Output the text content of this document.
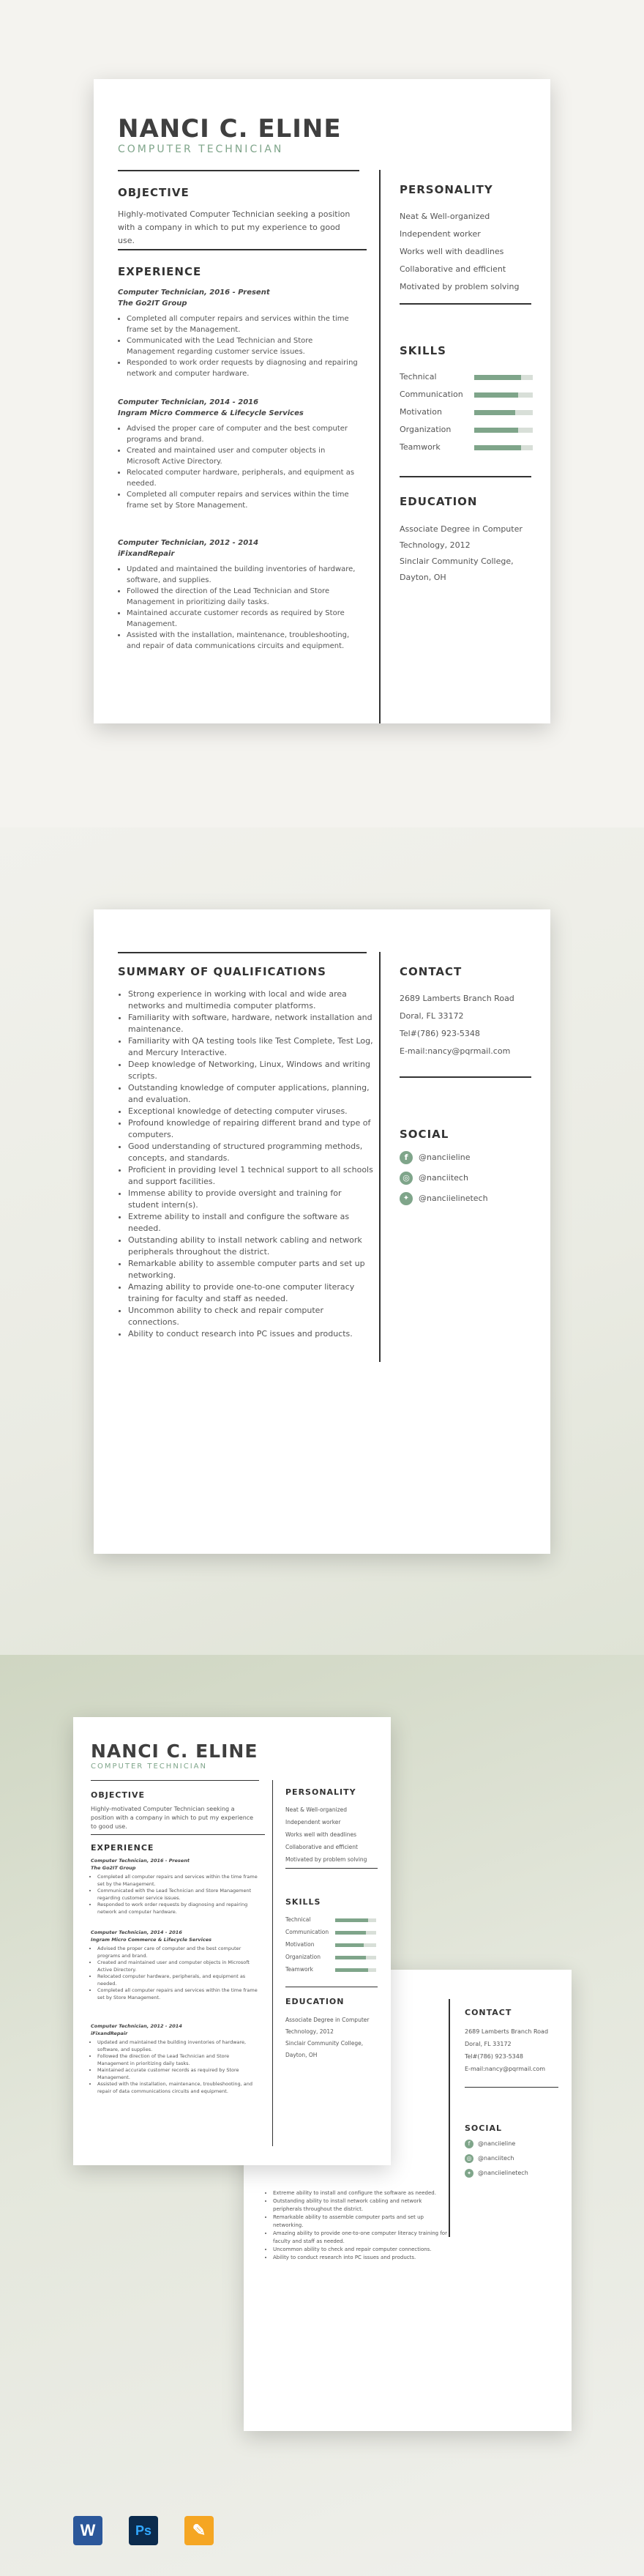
NANCI C. ELINE
COMPUTER TECHNICIAN
OBJECTIVE
Highly-motivated Computer Technician seeking a position with a company in which to put my experience to good use.
EXPERIENCE
Computer Technician, 2016 - Present
The Go2IT Group
• Completed all computer repairs and services within the time frame set by the Management.
• Communicated with the Lead Technician and Store Management regarding customer service issues.
• Responded to work order requests by diagnosing and repairing network and computer hardware.
Computer Technician, 2014 - 2016
Ingram Micro Commerce & Lifecycle Services
• Advised the proper care of computer and the best computer programs and brand.
• Created and maintained user and computer objects in Microsoft Active Directory.
• Relocated computer hardware, peripherals, and equipment as needed.
• Completed all computer repairs and services within the time frame set by Store Management.
Computer Technician, 2012 - 2014
iFixandRepair
• Updated and maintained the building inventories of hardware, software, and supplies.
• Followed the direction of the Lead Technician and Store Management in prioritizing daily tasks.
• Maintained accurate customer records as required by Store Management.
• Assisted with the installation, maintenance, troubleshooting, and repair of data communications circuits and equipment.
PERSONALITY
Neat & Well-organized
Independent worker
Works well with deadlines
Collaborative and efficient
Motivated by problem solving
SKILLS
Technical
Communication
Motivation
Organization
Teamwork
EDUCATION
Associate Degree in Computer
Technology, 2012
Sinclair Community College,
Dayton, OH
SUMMARY OF QUALIFICATIONS
• Strong experience in working with local and wide area networks and multimedia computer platforms.
• Familiarity with software, hardware, network installation and maintenance.
• Familiarity with QA testing tools like Test Complete, Test Log, and Mercury Interactive.
• Deep knowledge of Networking, Linux, Windows and writing scripts.
• Outstanding knowledge of computer applications, planning, and evaluation.
• Exceptional knowledge of detecting computer viruses.
• Profound knowledge of repairing different brand and type of computers.
• Good understanding of structured programming methods, concepts, and standards.
• Proficient in providing level 1 technical support to all schools and support facilities.
• Immense ability to provide oversight and training for student intern(s).
• Extreme ability to install and configure the software as needed.
• Outstanding ability to install network cabling and network peripherals throughout the district.
• Remarkable ability to assemble computer parts and set up networking.
• Amazing ability to provide one-to-one computer literacy training for faculty and staff as needed.
• Uncommon ability to check and repair computer connections.
• Ability to conduct research into PC issues and products.
CONTACT
2689 Lamberts Branch Road
Doral, FL 33172
Tel#(786) 923-5348
E-mail:nancy@pqrmail.com
SOCIAL
f	@nanciieline
◎	@nanciitech
✦	@nanciielinetech
• Extreme ability to install and configure the software as needed.
• Outstanding ability to install network cabling and network peripherals throughout the district.
• Remarkable ability to assemble computer parts and set up networking.
• Amazing ability to provide one-to-one computer literacy training for faculty and staff as needed.
• Uncommon ability to check and repair computer connections.
• Ability to conduct research into PC issues and products.
CONTACT
2689 Lamberts Branch Road
Doral, FL 33172
Tel#(786) 923-5348
E-mail:nancy@pqrmail.com
SOCIAL
f	@nanciieline
◎	@nanciitech
✦	@nanciielinetech
NANCI C. ELINE
COMPUTER TECHNICIAN
OBJECTIVE
Highly-motivated Computer Technician seeking a position with a company in which to put my experience to good use.
EXPERIENCE
Computer Technician, 2016 - Present
The Go2IT Group
• Completed all computer repairs and services within the time frame set by the Management.
• Communicated with the Lead Technician and Store Management regarding customer service issues.
• Responded to work order requests by diagnosing and repairing network and computer hardware.
Computer Technician, 2014 - 2016
Ingram Micro Commerce & Lifecycle Services
• Advised the proper care of computer and the best computer programs and brand.
• Created and maintained user and computer objects in Microsoft Active Directory.
• Relocated computer hardware, peripherals, and equipment as needed.
• Completed all computer repairs and services within the time frame set by Store Management.
Computer Technician, 2012 - 2014
iFixandRepair
• Updated and maintained the building inventories of hardware, software, and supplies.
• Followed the direction of the Lead Technician and Store Management in prioritizing daily tasks.
• Maintained accurate customer records as required by Store Management.
• Assisted with the installation, maintenance, troubleshooting, and repair of data communications circuits and equipment.
PERSONALITY
Neat & Well-organized
Independent worker
Works well with deadlines
Collaborative and efficient
Motivated by problem solving
SKILLS
Technical
Communication
Motivation
Organization
Teamwork
EDUCATION
Associate Degree in Computer
Technology, 2012
Sinclair Community College,
Dayton, OH
W	Ps	✎
